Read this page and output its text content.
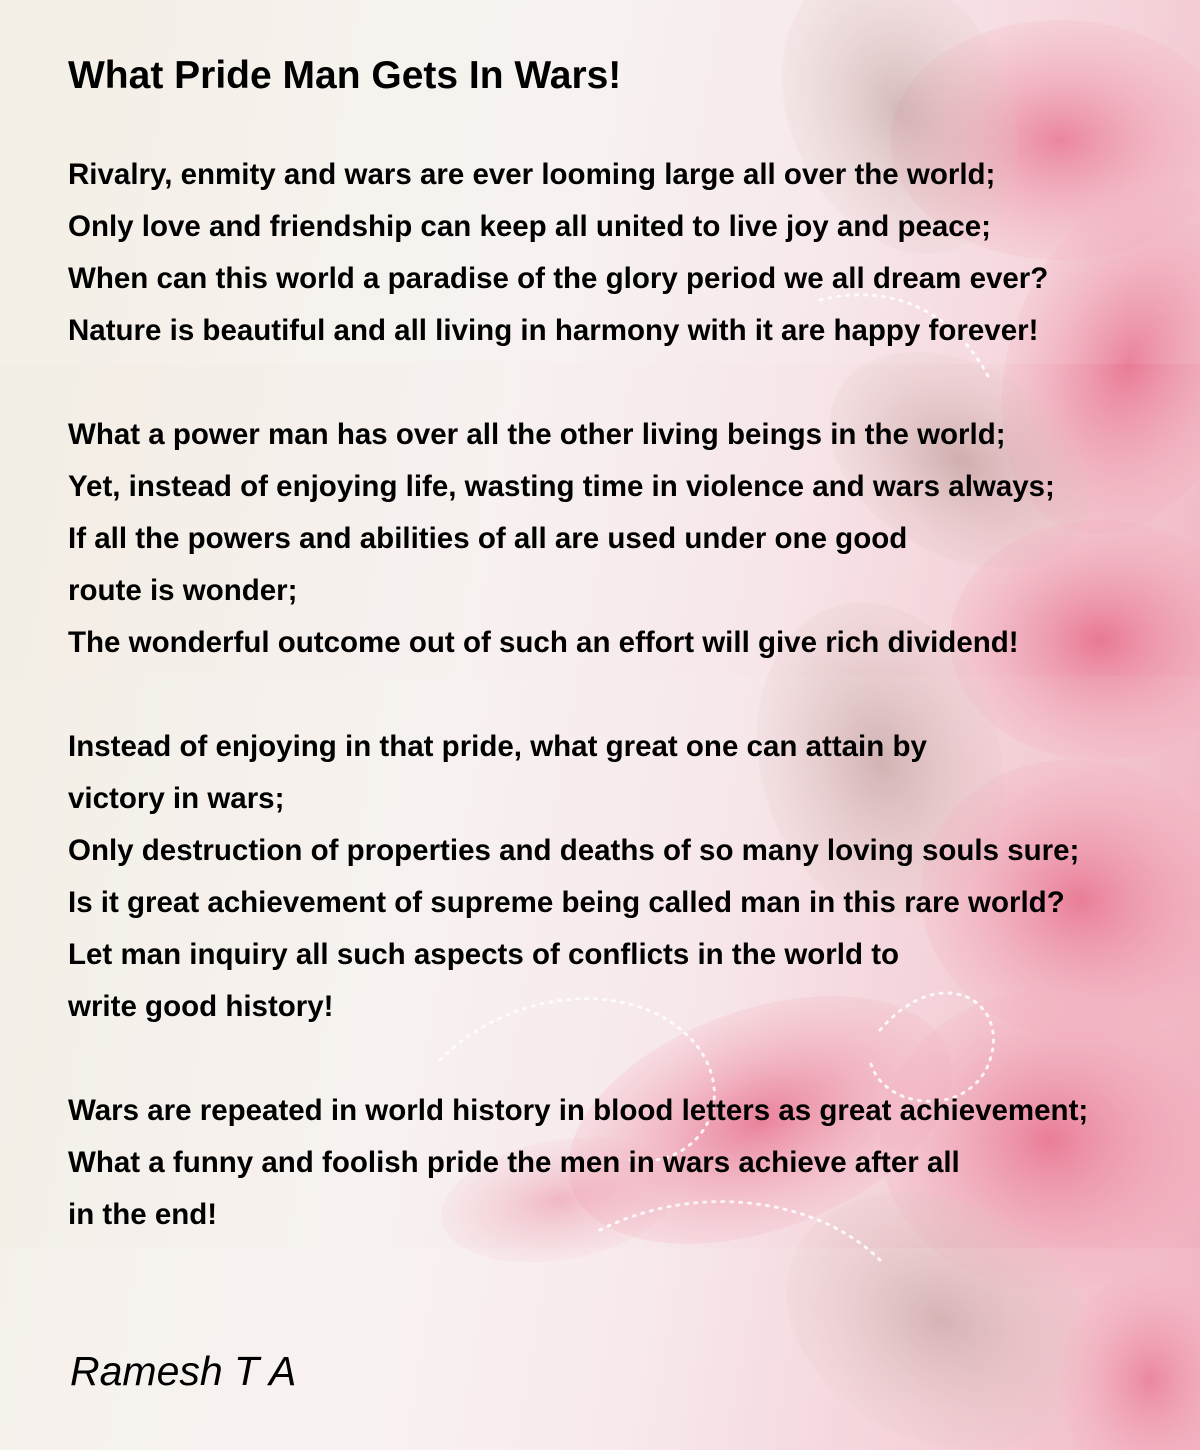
What Pride Man Gets In Wars!
Rivalry, enmity and wars are ever looming large all over the world;
Only love and friendship can keep all united to live joy and peace;
When can this world a paradise of the glory period we all dream ever?
Nature is beautiful and all living in harmony with it are happy forever!
What a power man has over all the other living beings in the world;
Yet, instead of enjoying life, wasting time in violence and wars always;
If all the powers and abilities of all are used under one good
route is wonder;
The wonderful outcome out of such an effort will give rich dividend!
Instead of enjoying in that pride, what great one can attain by
victory in wars;
Only destruction of properties and deaths of so many loving souls sure;
Is it great achievement of supreme being called man in this rare world?
Let man inquiry all such aspects of conflicts in the world to
write good history!
Wars are repeated in world history in blood letters as great achievement;
What a funny and foolish pride the men in wars achieve after all
in the end!
Ramesh T A
